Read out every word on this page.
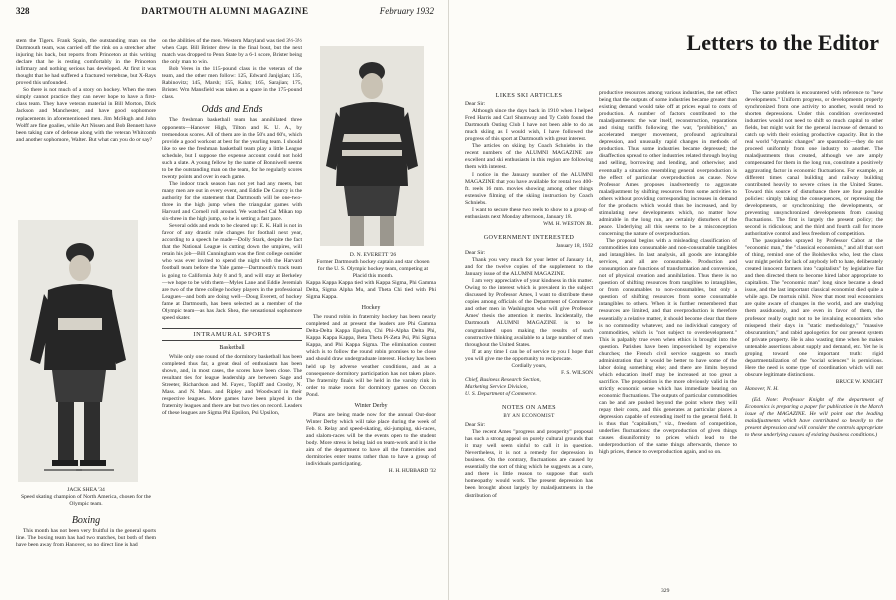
328	DARTMOUTH ALUMNI MAGAZINE	February 1932

stem the Tigers. Frank Spain, the outstanding man on the Dartmouth team, was carried off the rink on a stretcher after injuring his back, but reports from Princeton at this writing declare that he is resting comfortably in the Princeton infirmary and nothing serious has developed. At first it was thought that he had suffered a fractured vertebrae, but X-Rays proved this unfounded.

So there is not much of a story on hockey. When the men simply cannot practice they can never hope to have a first-class team. They have veteran material in Bill Morton, Dick Jackson and Manchester, and have good sophomore replacements in aforementioned men. Jim McHugh and John Wolff are fine goalies, while Art Nissen and Bob Bennett have been taking care of defense along with the veteran Whitcomb and another sophomore, Walter. But what can you do or say?

JACK SHEA '34
Speed skating champion of North America, chosen for the Olympic team.
Boxing

This month has not been very fruitful in the general sports line. The boxing team has had two matches, but both of them have been away from Hanover, so no direct line is had

on the abilities of the men. Western Maryland was tied 3½-3½ when Capt. Bill Brister drew in the final bout, but the next match was dropped to Penn State by a 6-1 score, Brister being the only man to win.

Bob Veres in the 115-pound class is the veteran of the team, and the other men follow: 125, Edward Janjigian; 135, Rabinovitz; 145, Marsh; 155, Kahn; 165, Sarajian; 175, Brister. Wm Mansfield was taken as a spare in the 175-pound class.

Odds and Ends

The freshman basketball team has annihilated three opponents—Hanover High, Tilton and K. U. A., by tremendous scores. All of them are in the 50's and 60's, which provide a good workout at best for the yearling team. I should like to see the freshman basketball team play a little League schedule, but I suppose the expense account could not hold such a slate. A young fellow by the name of Bonniwell seems to be the outstanding man on the team, for he regularly scores twenty points and over in each game.

The indoor track season has not yet had any meets, but many men are out in every event, and Eddie De Courcy is the authority for the statement that Dartmouth will be one-two-three in the high jump when the triangular games with Harvard and Cornell roll around. We watched Cal Mikan top six-three in the high jump, so he is setting a fast pace.

Several odds and ends to be cleared up: E. K. Hall is not in favor of any drastic rule changes for football next year, according to a speech he made—Dolly Stark, despite the fact that the National League is cutting down the umpires, will retain his job—Bill Cunningham was the first college outsider who was ever invited to spend the night with the Harvard football team before the Yale game—Dartmouth's track team is going to California July 8 and 9, and will stay at Berkeley—we hope to be with them—Myles Lane and Eddie Jeremiah are two of the three college hockey players in the professional Leagues—and both are doing well—Doug Everett, of hockey fame at Dartmouth, has been selected as a member of the Olympic team—as has Jack Shea, the sensational sophomore speed skater.

INTRAMURAL SPORTS
Basketball

While only one round of the dormitory basketball has been completed thus far, a great deal of enthusiasm has been shown, and, in most cases, the scores have been close. The resultant ties for league leadership are between Sage and Streeter, Richardson and M. Fayer., Topliff and Crosby, N. Mass. and N. Mass. and Ripley and Woodward in their respective leagues. More games have been played in the fraternity leagues and there are but two ties on record. Leaders of these leagues are Sigma Phi Epsilon, Psi Upsilon,

D. N. EVERETT '26
Former Dartmouth hockey captain and star chosen for the U. S. Olympic hockey team, competing at Placid this month.

Kappa Kappa Kappa tied with Kappa Sigma, Phi Gamma Delta, Sigma Alpha Mu, and Theta Chi tied with Phi Sigma Kappa.

Hockey

The round robin in fraternity hockey has been nearly completed and at present the leaders are Phi Gamma Delta-Delta Kappa Epsilon, Chi Phi-Alpha Delta Phi, Kappa Kappa Kappa, Beta Theta Pi-Zeta Psi, Phi Sigma Kappa, and Phi Kappa Sigma. The elimination contest which is to follow the round robin promises to be close and should draw undergraduate interest. Hockey has been held up by adverse weather conditions, and as a consequence dormitory participation has not taken place. The fraternity finals will be held in the varsity rink in order to make room for dormitory games on Occom Pond.

Winter Derby

Plans are being made now for the annual Out-door Winter Derby which will take place during the week of Feb. 8. Relay and speed-skating, ski-jumping, ski-races, and slalom-races will be the events open to the student body. More stress is being laid on team-work and it is the aim of the department to have all the fraternities and dormitories enter teams rather than to have a group of individuals participating.

H. H. HUBBARD '32
Letters to the Editor
LIKES SKI ARTICLES

Dear Sir:

Although since the days back in 1910 when I helped Fred Harris and Carl Shumway and Ty Cobb found the Dartmouth Outing Club I have not been able to do as much skiing as I would wish, I have followed the progress of this sport at Dartmouth with great interest.

The articles on skiing by Coach Schniebs in the recent numbers of the ALUMNI MAGAZINE are excellent and ski enthusiasts in this region are following them with interest.

I notice in the January number of the ALUMNI MAGAZINE that you have available for rental two 400-ft. reels 16 mm. movies showing among other things extensive filming of the skiing instruction by Coach Schniebs.

I want to secure these two reels to show to a group of enthusiasts next Monday afternoon, January 18.

WM. H. WESTON JR.
GOVERNMENT INTERESTED
January 18, 1932

Dear Sir:

Thank you very much for your letter of January 14, and for the twelve copies of the supplement to the January issue of the ALUMNI MAGAZINE.

I am very appreciative of your kindness in this matter. Owing to the interest which is prevalent in the subject discussed by Professor Ames, I want to distribute these copies among officials of the Department of Commerce and other men in Washington who will give Professor Ames' thesis the attention it merits. Incidentally, the Dartmouth ALUMNI MAGAZINE is to be congratulated upon making the results of such constructive thinking available to a large number of men throughout the United States.

If at any time I can be of service to you I hope that you will give me the opportunity to reciprocate.

Cordially yours,
F. S. WILSON
Chief, Business Research Section,
Marketing Service Division,
U. S. Department of Commerce.
NOTES ON AMES
BY AN ECONOMIST

Dear Sir:

The recent Ames "progress and prosperity" proposal has such a strong appeal on purely cultural grounds that it may well seem sinful to call it in question. Nevertheless, it is not a remedy for depression in business. On the contrary, fluctuations are caused by essentially the sort of thing which he suggests as a cure, and there is little reason to suppose that such homeopathy would work. The present depression has been brought about largely by maladjustments in the distribution of

productive resources among various industries, the net effect being that the outputs of some industries became greater than existing demand would take off at prices equal to costs of production. A number of factors contributed to the maladjustments: the war itself, reconstruction, reparations and rising tariffs following the war, "prohibition," an accelerated merger movement, profound agricultural depression, and unusually rapid changes in methods of production. Thus some industries became depressed; the disaffection spread to other industries related through buying and selling, borrowing and lending, and otherwise; and eventually a situation resembling general overproduction is the effect of particular overproduction as cause. Now Professor Ames proposes inadvertently to aggravate maladjustment by shifting resources from some activities to others without providing corresponding increases in demand for the products which would thus be increased, and by stimulating new developments which, no matter how admirable in the long run, are certainly disturbers of the peace. Underlying all this seems to be a misconception concerning the nature of overproduction.

The proposal begins with a misleading classification of commodities into consumable and non-consumable tangibles and intangibles. In last analysis, all goods are intangible services, and all are consumable. Production and consumption are functions of transformation and conversion, not of physical creation and annihilation. Thus there is no question of shifting resources from tangibles to intangibles, or from consumables to non-consumables, but only a question of shifting resources from some consumable intangibles to others. When it is further remembered that resources are limited, and that overproduction is therefore essentially a relative matter, it should become clear that there is no commodity whatever, and no individual category of commodities, which is "not subject to overdevelopment." This is palpably true even when ethics is brought into the question. Parishes have been impoverished by expensive churches; the French civil service suggests so much administration that it would be better to have some of the labor doing something else; and there are limits beyond which education itself may be increased at too great a sacrifice. The proposition is the more obviously valid in the strictly economic sense which has immediate bearing on economic fluctuations. The outputs of particular commodities can be and are pushed beyond the point where they will repay their costs, and this generates at particular places a depression capable of extending itself to the general field. It is thus that "capitalism," viz., freedom of competition, underlies fluctuations: the overproduction of given things causes disuniformity to prices which lead to the underproduction of the same things afterwards, thence to high prices, thence to overproduction again, and so on.

329

The same problem is encountered with reference to "new developments." Uniform progress, or developments properly synchronized from one activity to another, would tend to shorten depressions. Under this condition overinvested industries would not need to shift so much capital to other fields, but might wait for the general increase of demand to catch up with their existing productive capacity. But in the real world "dynamic changes" are spasmodic—they do not proceed uniformly from one industry to another. The maladjustments thus created, although we are amply compensated for them in the long run, constitute a positively aggravating factor in economic fluctuations. For example, at different times canal building and railway building contributed heavily to severe crises in the United States. Toward this source of disturbance there are four possible policies: simply taking the consequences, or repressing the developments, or synchronizing the developments, or preventing unsynchronized developments from causing fluctuations. The first is largely the present policy; the second is ridiculous; and the third and fourth call for more authoritative control and less freedom of competition.

The pasquinades sprayed by Professor Cabot at the "economic man," the "classical economists," and all that sort of thing, remind one of the Bolsheviks who, lest the class war might perish for lack of anybody left to hate, deliberately created innocent farmers into "capitalists" by legislative fiat and then directed them to become hired labor appropriate to capitalists. The "economic man" long since became a dead issue, and the last important classical economist died quite a while ago. De mortuis nihil. Now that most real economists are quite aware of changes in the world, and are studying them assiduously, and are even in favor of them, the professor really ought not to be invaluing economists who misspend their days in "static methodology," "massive obscurantism," and rabid apologetics for our present system of private property. He is also wasting time when he makes untenable assertions about supply and demand, etc. Yet he is groping toward one important truth: rigid departmentalization of the "social sciences" is pernicious. Here the need is some type of coordination which will not obscure legitimate distinctions.

BRUCE W. KNIGHT

Hanover, N. H.

(Ed. Note: Professor Knight of the department of Economics is preparing a paper for publication in the March issue of the MAGAZINE. He will point out the leading maladjustments which have contributed so heavily to the present depression and will consider the controls appropriate to these underlying causes of existing business conditions.)
